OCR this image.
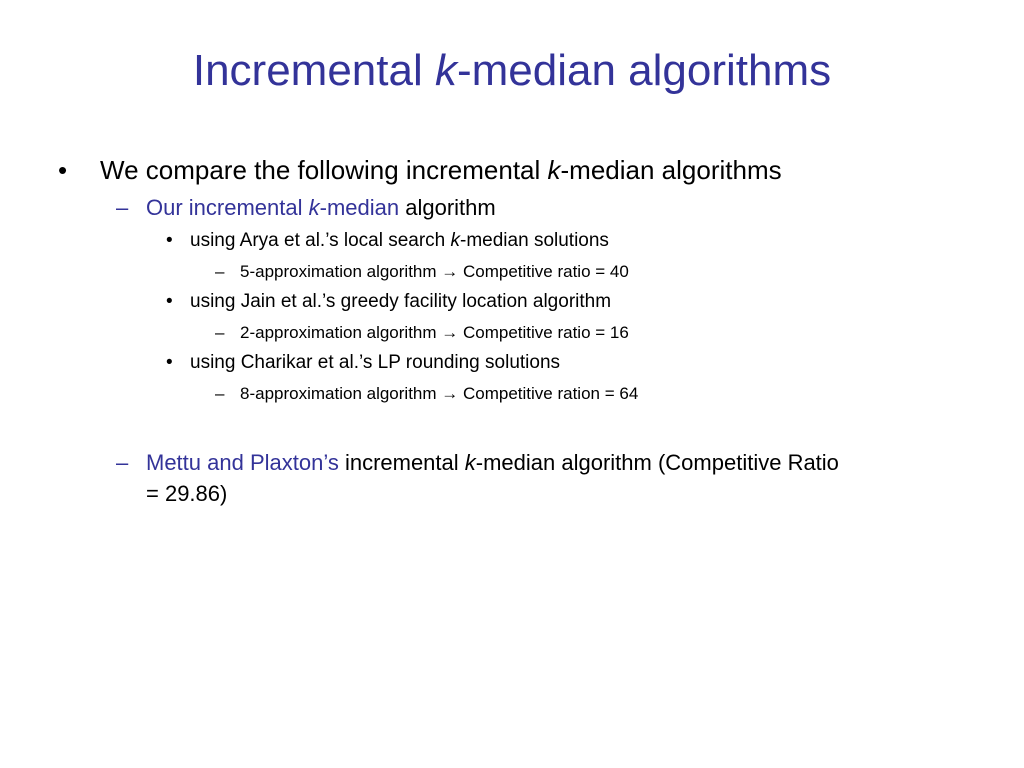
Incremental k-median algorithms
• We compare the following incremental k-median algorithms
– Our incremental k-median algorithm
• using Arya et al.’s local search k-median solutions
– 5-approximation algorithm → Competitive ratio = 40
• using Jain et al.’s greedy facility location algorithm
– 2-approximation algorithm → Competitive ratio = 16
• using Charikar et al.’s LP rounding solutions
– 8-approximation algorithm → Competitive ration = 64
– Mettu and Plaxton’s incremental k-median algorithm (Competitive Ratio
= 29.86)
